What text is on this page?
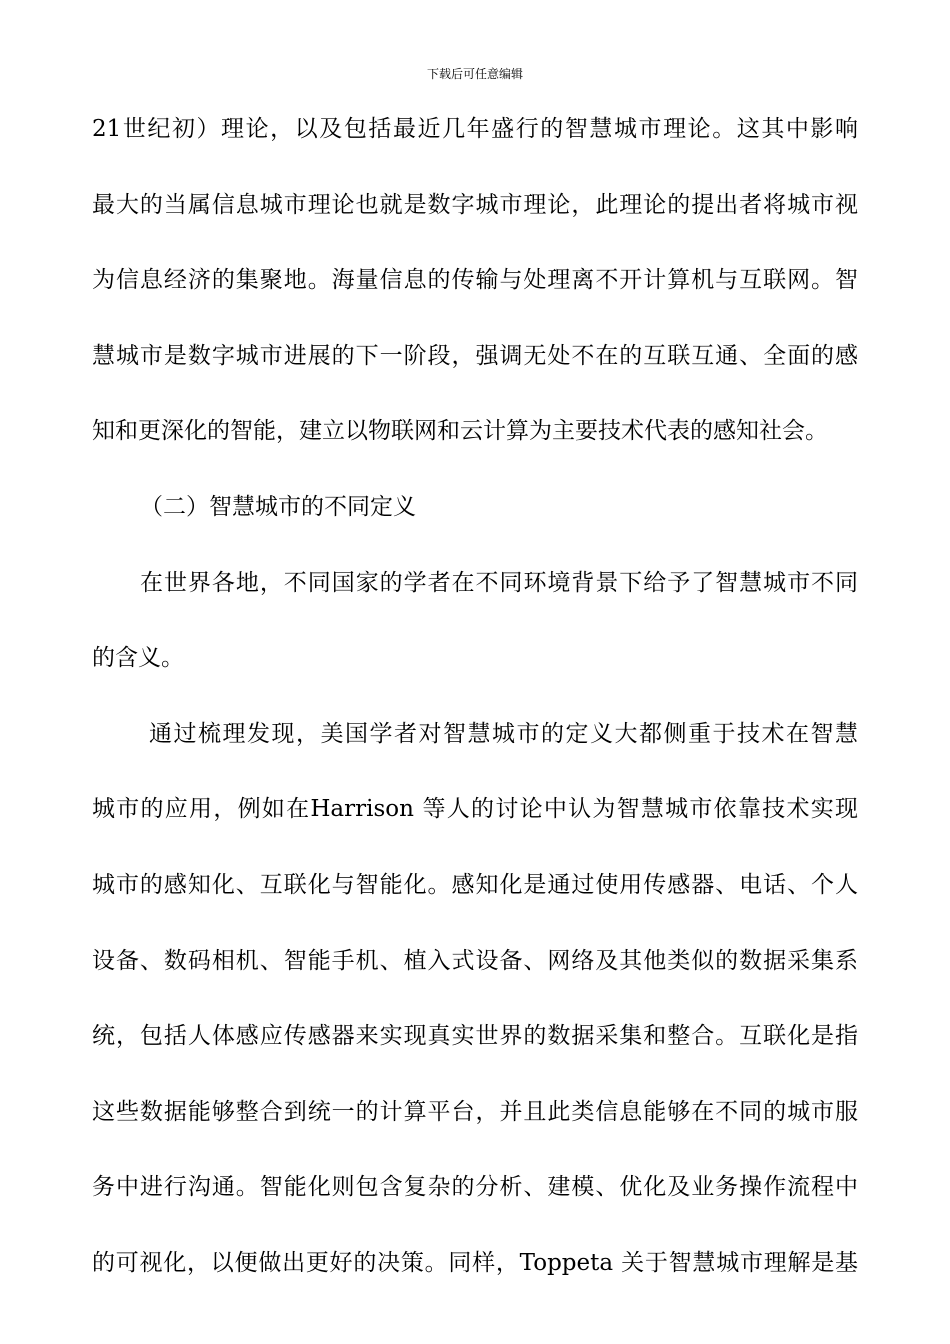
下载后可任意编辑
21世纪初）理论，以及包括最近几年盛行的智慧城市理论。这其中影响
最大的当属信息城市理论也就是数字城市理论，此理论的提出者将城市视
为信息经济的集聚地。海量信息的传输与处理离不开计算机与互联网。智
慧城市是数字城市进展的下一阶段，强调无处不在的互联互通、全面的感
知和更深化的智能，建立以物联网和云计算为主要技术代表的感知社会。
（二）智慧城市的不同定义
在世界各地，不同国家的学者在不同环境背景下给予了智慧城市不同
的含义。
通过梳理发现，美国学者对智慧城市的定义大都侧重于技术在智慧
城市的应用，例如在Harrison 等人的讨论中认为智慧城市依靠技术实现
城市的感知化、互联化与智能化。感知化是通过使用传感器、电话、个人
设备、数码相机、智能手机、植入式设备、网络及其他类似的数据采集系
统，包括人体感应传感器来实现真实世界的数据采集和整合。互联化是指
这些数据能够整合到统一的计算平台，并且此类信息能够在不同的城市服
务中进行沟通。智能化则包含复杂的分析、建模、优化及业务操作流程中
的可视化，以便做出更好的决策。同样，Toppeta 关于智慧城市理解是基
